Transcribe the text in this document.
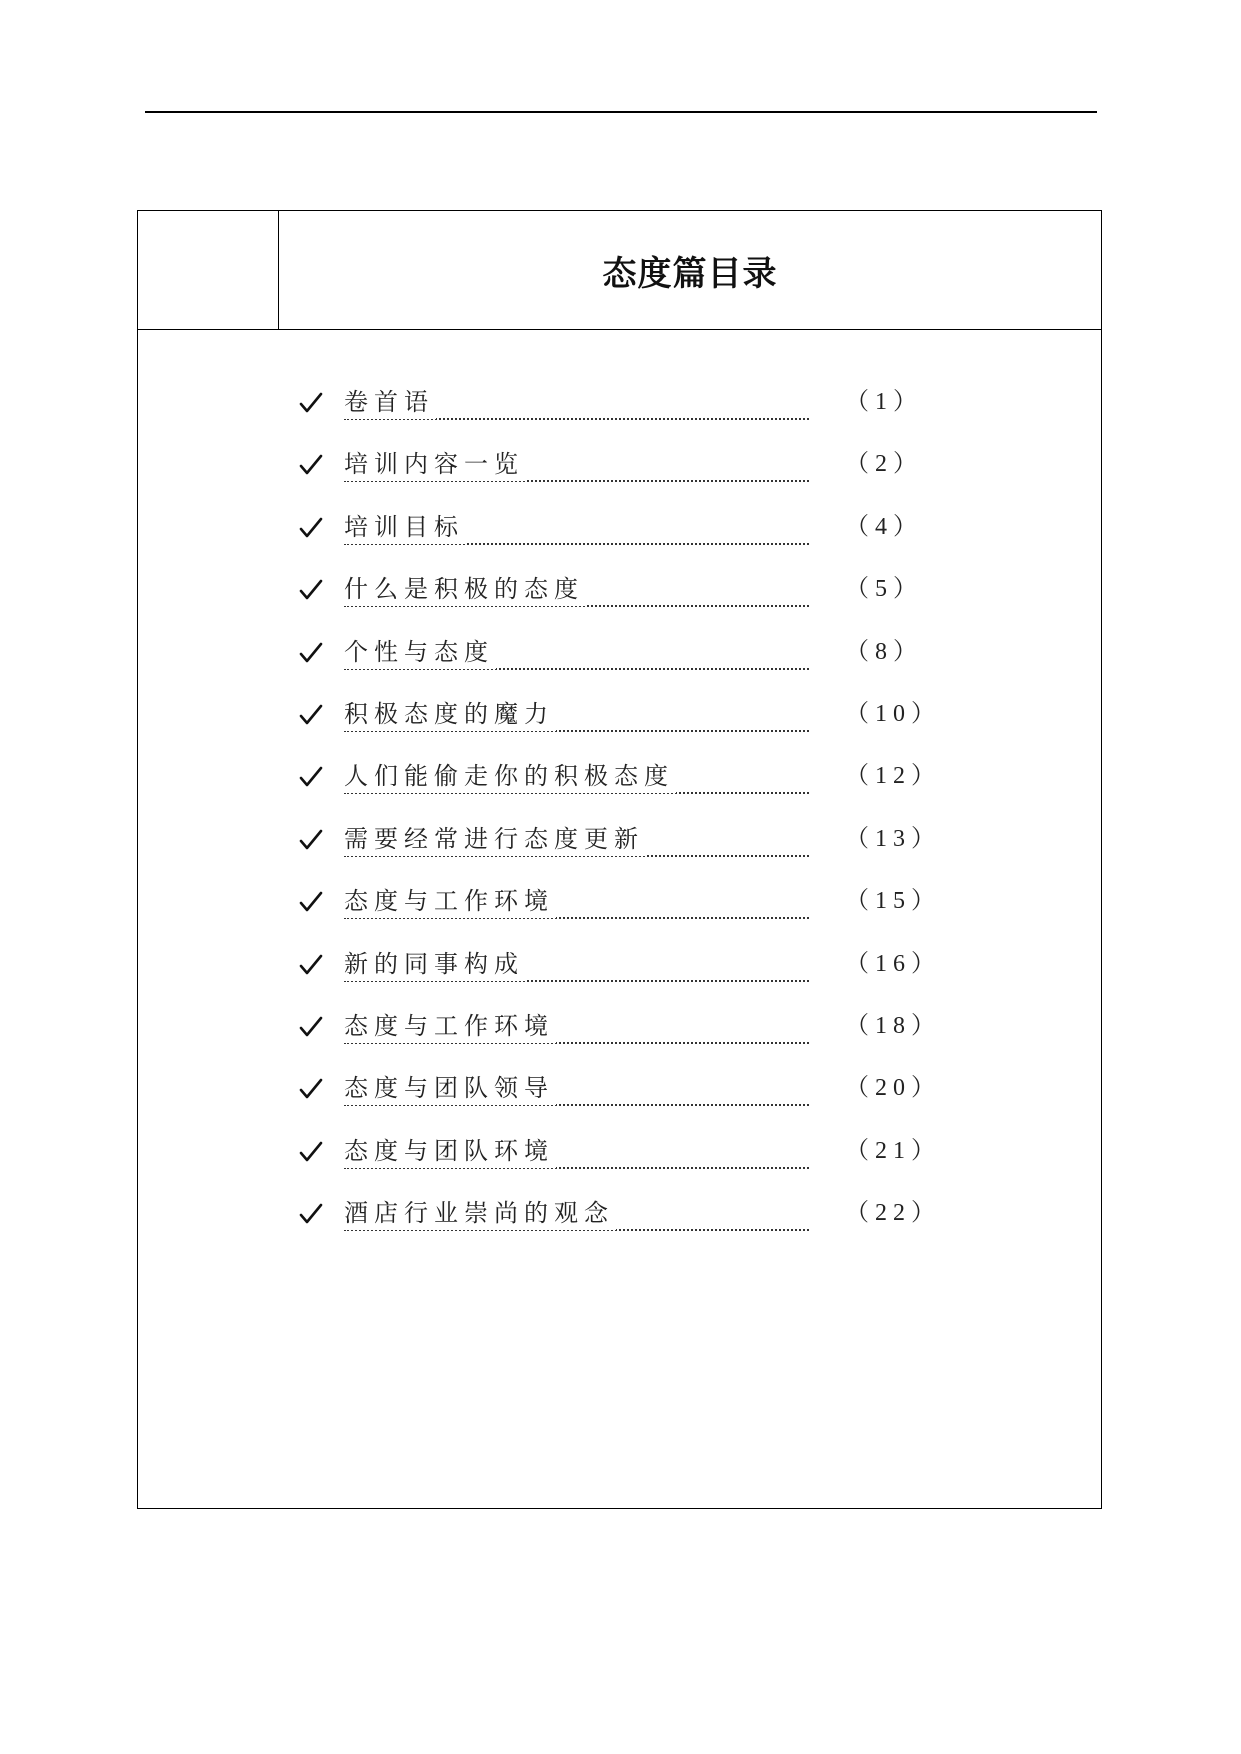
态度篇目录
卷首语	（1）
培训内容一览	（2）
培训目标	（4）
什么是积极的态度	（5）
个性与态度	（8）
积极态度的魔力	（10）
人们能偷走你的积极态度	（12）
需要经常进行态度更新	（13）
态度与工作环境	（15）
新的同事构成	（16）
态度与工作环境	（18）
态度与团队领导	（20）
态度与团队环境	（21）
酒店行业崇尚的观念	（22）
